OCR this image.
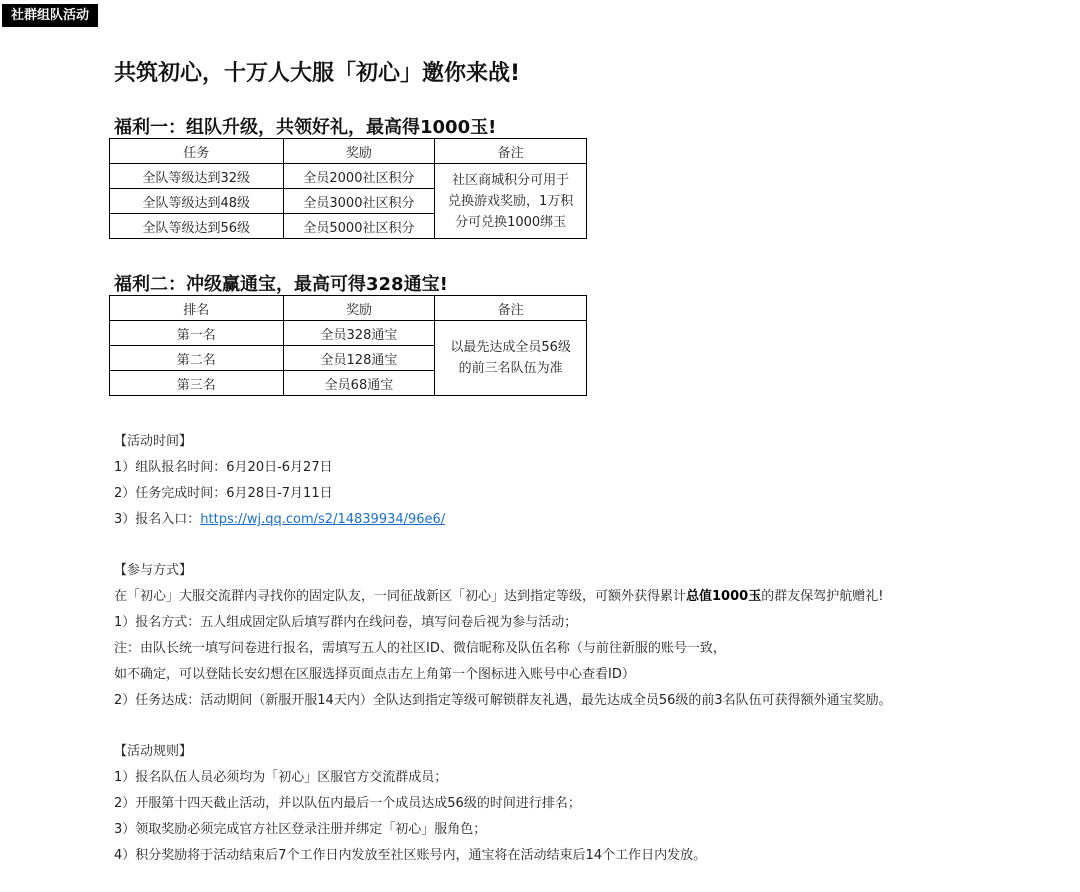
社群组队活动
共筑初心，十万人大服「初心」邀你来战!
福利一：组队升级，共领好礼，最高得1000玉!
任务	奖励	备注
全队等级达到32级	全员2000社区积分	社区商城积分可用于
兑换游戏奖励，1万积
分可兑换1000绑玉

全队等级达到48级	全员3000社区积分	
全队等级达到56级	全员5000社区积分	
福利二：冲级赢通宝，最高可得328通宝!
排名	奖励	备注
第一名	全员328通宝	以最先达成全员56级
的前三名队伍为准

第二名	全员128通宝	
第三名	全员68通宝	
【活动时间】
1）组队报名时间：6月20日-6月27日
2）任务完成时间：6月28日-7月11日
3）报名入口：https://wj.qq.com/s2/14839934/96e6/
【参与方式】
在「初心」大服交流群内寻找你的固定队友，一同征战新区「初心」达到指定等级，可额外获得累计总值1000玉的群友保驾护航赠礼!
1）报名方式：五人组成固定队后填写群内在线问卷，填写问卷后视为参与活动；
注：由队长统一填写问卷进行报名，需填写五人的社区ID、微信昵称及队伍名称（与前往新服的账号一致，
如不确定，可以登陆长安幻想在区服选择页面点击左上角第一个图标进入账号中心查看ID）
2）任务达成：活动期间（新服开服14天内）全队达到指定等级可解锁群友礼遇，最先达成全员56级的前3名队伍可获得额外通宝奖励。
【活动规则】
1）报名队伍人员必须均为「初心」区服官方交流群成员；
2）开服第十四天截止活动，并以队伍内最后一个成员达成56级的时间进行排名；
3）领取奖励必须完成官方社区登录注册并绑定「初心」服角色；
4）积分奖励将于活动结束后7个工作日内发放至社区账号内，通宝将在活动结束后14个工作日内发放。
